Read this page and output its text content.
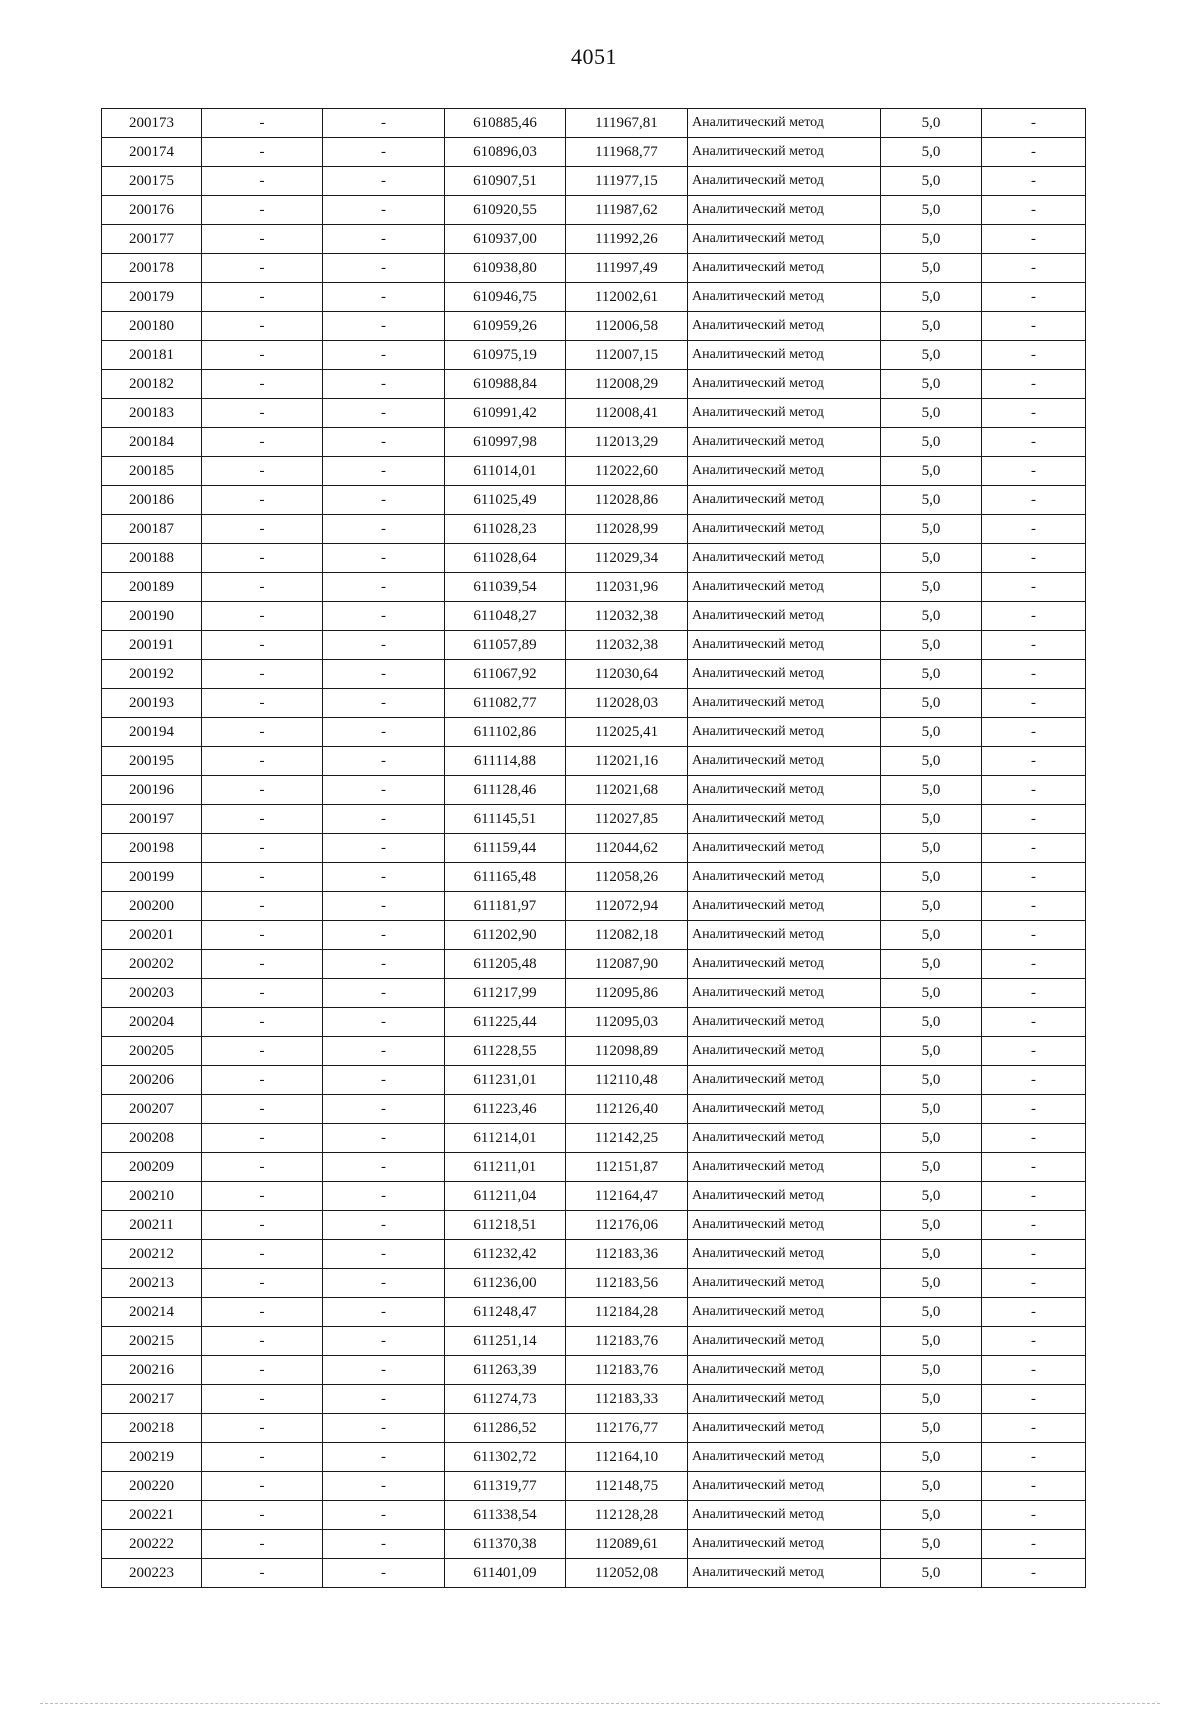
4051
200173	-	-	610885,46	111967,81	Аналитический метод	5,0	-
200174	-	-	610896,03	111968,77	Аналитический метод	5,0	-
200175	-	-	610907,51	111977,15	Аналитический метод	5,0	-
200176	-	-	610920,55	111987,62	Аналитический метод	5,0	-
200177	-	-	610937,00	111992,26	Аналитический метод	5,0	-
200178	-	-	610938,80	111997,49	Аналитический метод	5,0	-
200179	-	-	610946,75	112002,61	Аналитический метод	5,0	-
200180	-	-	610959,26	112006,58	Аналитический метод	5,0	-
200181	-	-	610975,19	112007,15	Аналитический метод	5,0	-
200182	-	-	610988,84	112008,29	Аналитический метод	5,0	-
200183	-	-	610991,42	112008,41	Аналитический метод	5,0	-
200184	-	-	610997,98	112013,29	Аналитический метод	5,0	-
200185	-	-	611014,01	112022,60	Аналитический метод	5,0	-
200186	-	-	611025,49	112028,86	Аналитический метод	5,0	-
200187	-	-	611028,23	112028,99	Аналитический метод	5,0	-
200188	-	-	611028,64	112029,34	Аналитический метод	5,0	-
200189	-	-	611039,54	112031,96	Аналитический метод	5,0	-
200190	-	-	611048,27	112032,38	Аналитический метод	5,0	-
200191	-	-	611057,89	112032,38	Аналитический метод	5,0	-
200192	-	-	611067,92	112030,64	Аналитический метод	5,0	-
200193	-	-	611082,77	112028,03	Аналитический метод	5,0	-
200194	-	-	611102,86	112025,41	Аналитический метод	5,0	-
200195	-	-	611114,88	112021,16	Аналитический метод	5,0	-
200196	-	-	611128,46	112021,68	Аналитический метод	5,0	-
200197	-	-	611145,51	112027,85	Аналитический метод	5,0	-
200198	-	-	611159,44	112044,62	Аналитический метод	5,0	-
200199	-	-	611165,48	112058,26	Аналитический метод	5,0	-
200200	-	-	611181,97	112072,94	Аналитический метод	5,0	-
200201	-	-	611202,90	112082,18	Аналитический метод	5,0	-
200202	-	-	611205,48	112087,90	Аналитический метод	5,0	-
200203	-	-	611217,99	112095,86	Аналитический метод	5,0	-
200204	-	-	611225,44	112095,03	Аналитический метод	5,0	-
200205	-	-	611228,55	112098,89	Аналитический метод	5,0	-
200206	-	-	611231,01	112110,48	Аналитический метод	5,0	-
200207	-	-	611223,46	112126,40	Аналитический метод	5,0	-
200208	-	-	611214,01	112142,25	Аналитический метод	5,0	-
200209	-	-	611211,01	112151,87	Аналитический метод	5,0	-
200210	-	-	611211,04	112164,47	Аналитический метод	5,0	-
200211	-	-	611218,51	112176,06	Аналитический метод	5,0	-
200212	-	-	611232,42	112183,36	Аналитический метод	5,0	-
200213	-	-	611236,00	112183,56	Аналитический метод	5,0	-
200214	-	-	611248,47	112184,28	Аналитический метод	5,0	-
200215	-	-	611251,14	112183,76	Аналитический метод	5,0	-
200216	-	-	611263,39	112183,76	Аналитический метод	5,0	-
200217	-	-	611274,73	112183,33	Аналитический метод	5,0	-
200218	-	-	611286,52	112176,77	Аналитический метод	5,0	-
200219	-	-	611302,72	112164,10	Аналитический метод	5,0	-
200220	-	-	611319,77	112148,75	Аналитический метод	5,0	-
200221	-	-	611338,54	112128,28	Аналитический метод	5,0	-
200222	-	-	611370,38	112089,61	Аналитический метод	5,0	-
200223	-	-	611401,09	112052,08	Аналитический метод	5,0	-
